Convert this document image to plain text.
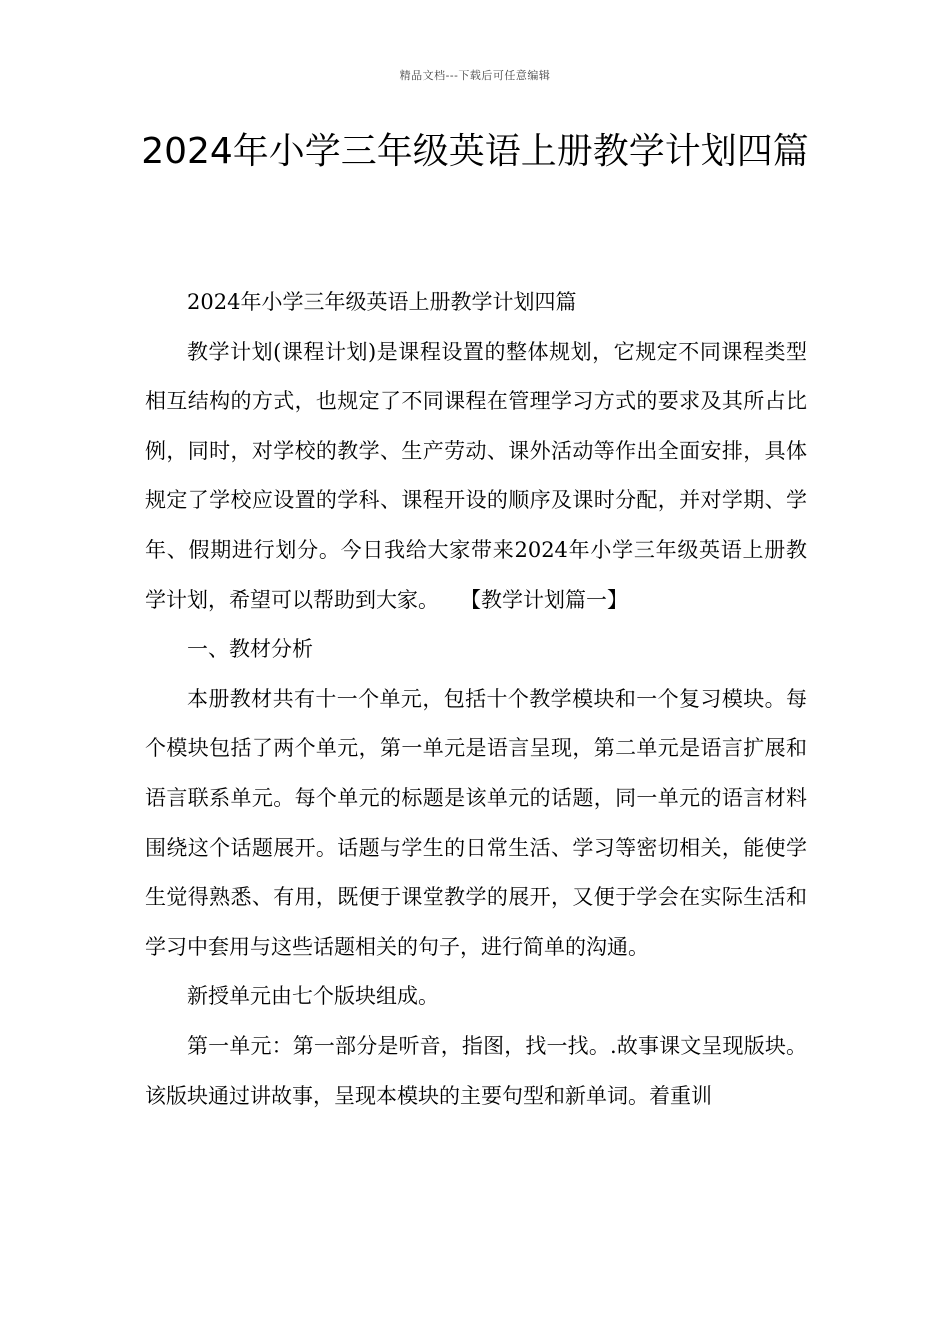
精品文档---下载后可任意编辑
2024年小学三年级英语上册教学计划四篇

2024年小学三年级英语上册教学计划四篇

教学计划(课程计划)是课程设置的整体规划，它规定不同课程类型相互结构的方式，也规定了不同课程在管理学习方式的要求及其所占比例，同时，对学校的教学、生产劳动、课外活动等作出全面安排，具体规定了学校应设置的学科、课程开设的顺序及课时分配，并对学期、学年、假期进行划分。今日我给大家带来2024年小学三年级英语上册教学计划，希望可以帮助到大家。　　【教学计划篇一】

一、教材分析

本册教材共有十一个单元，包括十个教学模块和一个复习模块。每个模块包括了两个单元，第一单元是语言呈现，第二单元是语言扩展和语言联系单元。每个单元的标题是该单元的话题，同一单元的语言材料围绕这个话题展开。话题与学生的日常生活、学习等密切相关，能使学生觉得熟悉、有用，既便于课堂教学的展开，又便于学会在实际生活和学习中套用与这些话题相关的句子，进行简单的沟通。

新授单元由七个版块组成。

第一单元：第一部分是听音，指图，找一找。.故事课文呈现版块。该版块通过讲故事，呈现本模块的主要句型和新单词。着重训
